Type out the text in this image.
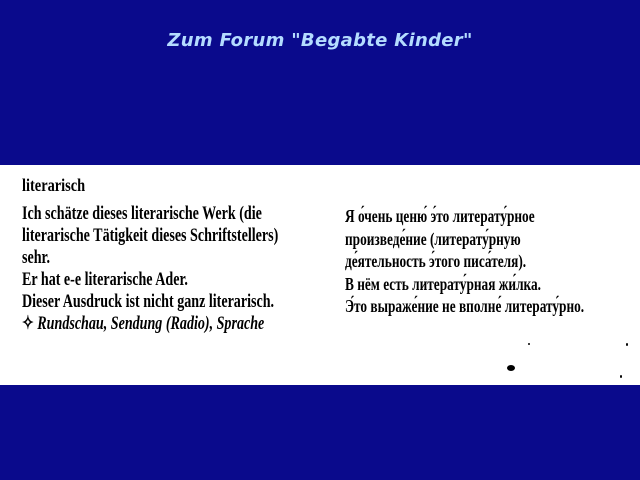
Zum Forum "Begabte Kinder"
literarisch
Ich schätze dieses literarische Werk (die
literarische Tätigkeit dieses Schriftstellers)
sehr.
Er hat e-e literarische Ader.
Dieser Ausdruck ist nicht ganz literarisch.
✧ Rundschau, Sendung (Radio), Sprache
Я о́чень ценю́ э́то литерату́рное
произведе́ние (литерату́рную
де́ятельность э́того писа́теля).
В нём есть литерату́рная жи́лка.
Э́то выраже́ние не вполне́ литерату́рно.
